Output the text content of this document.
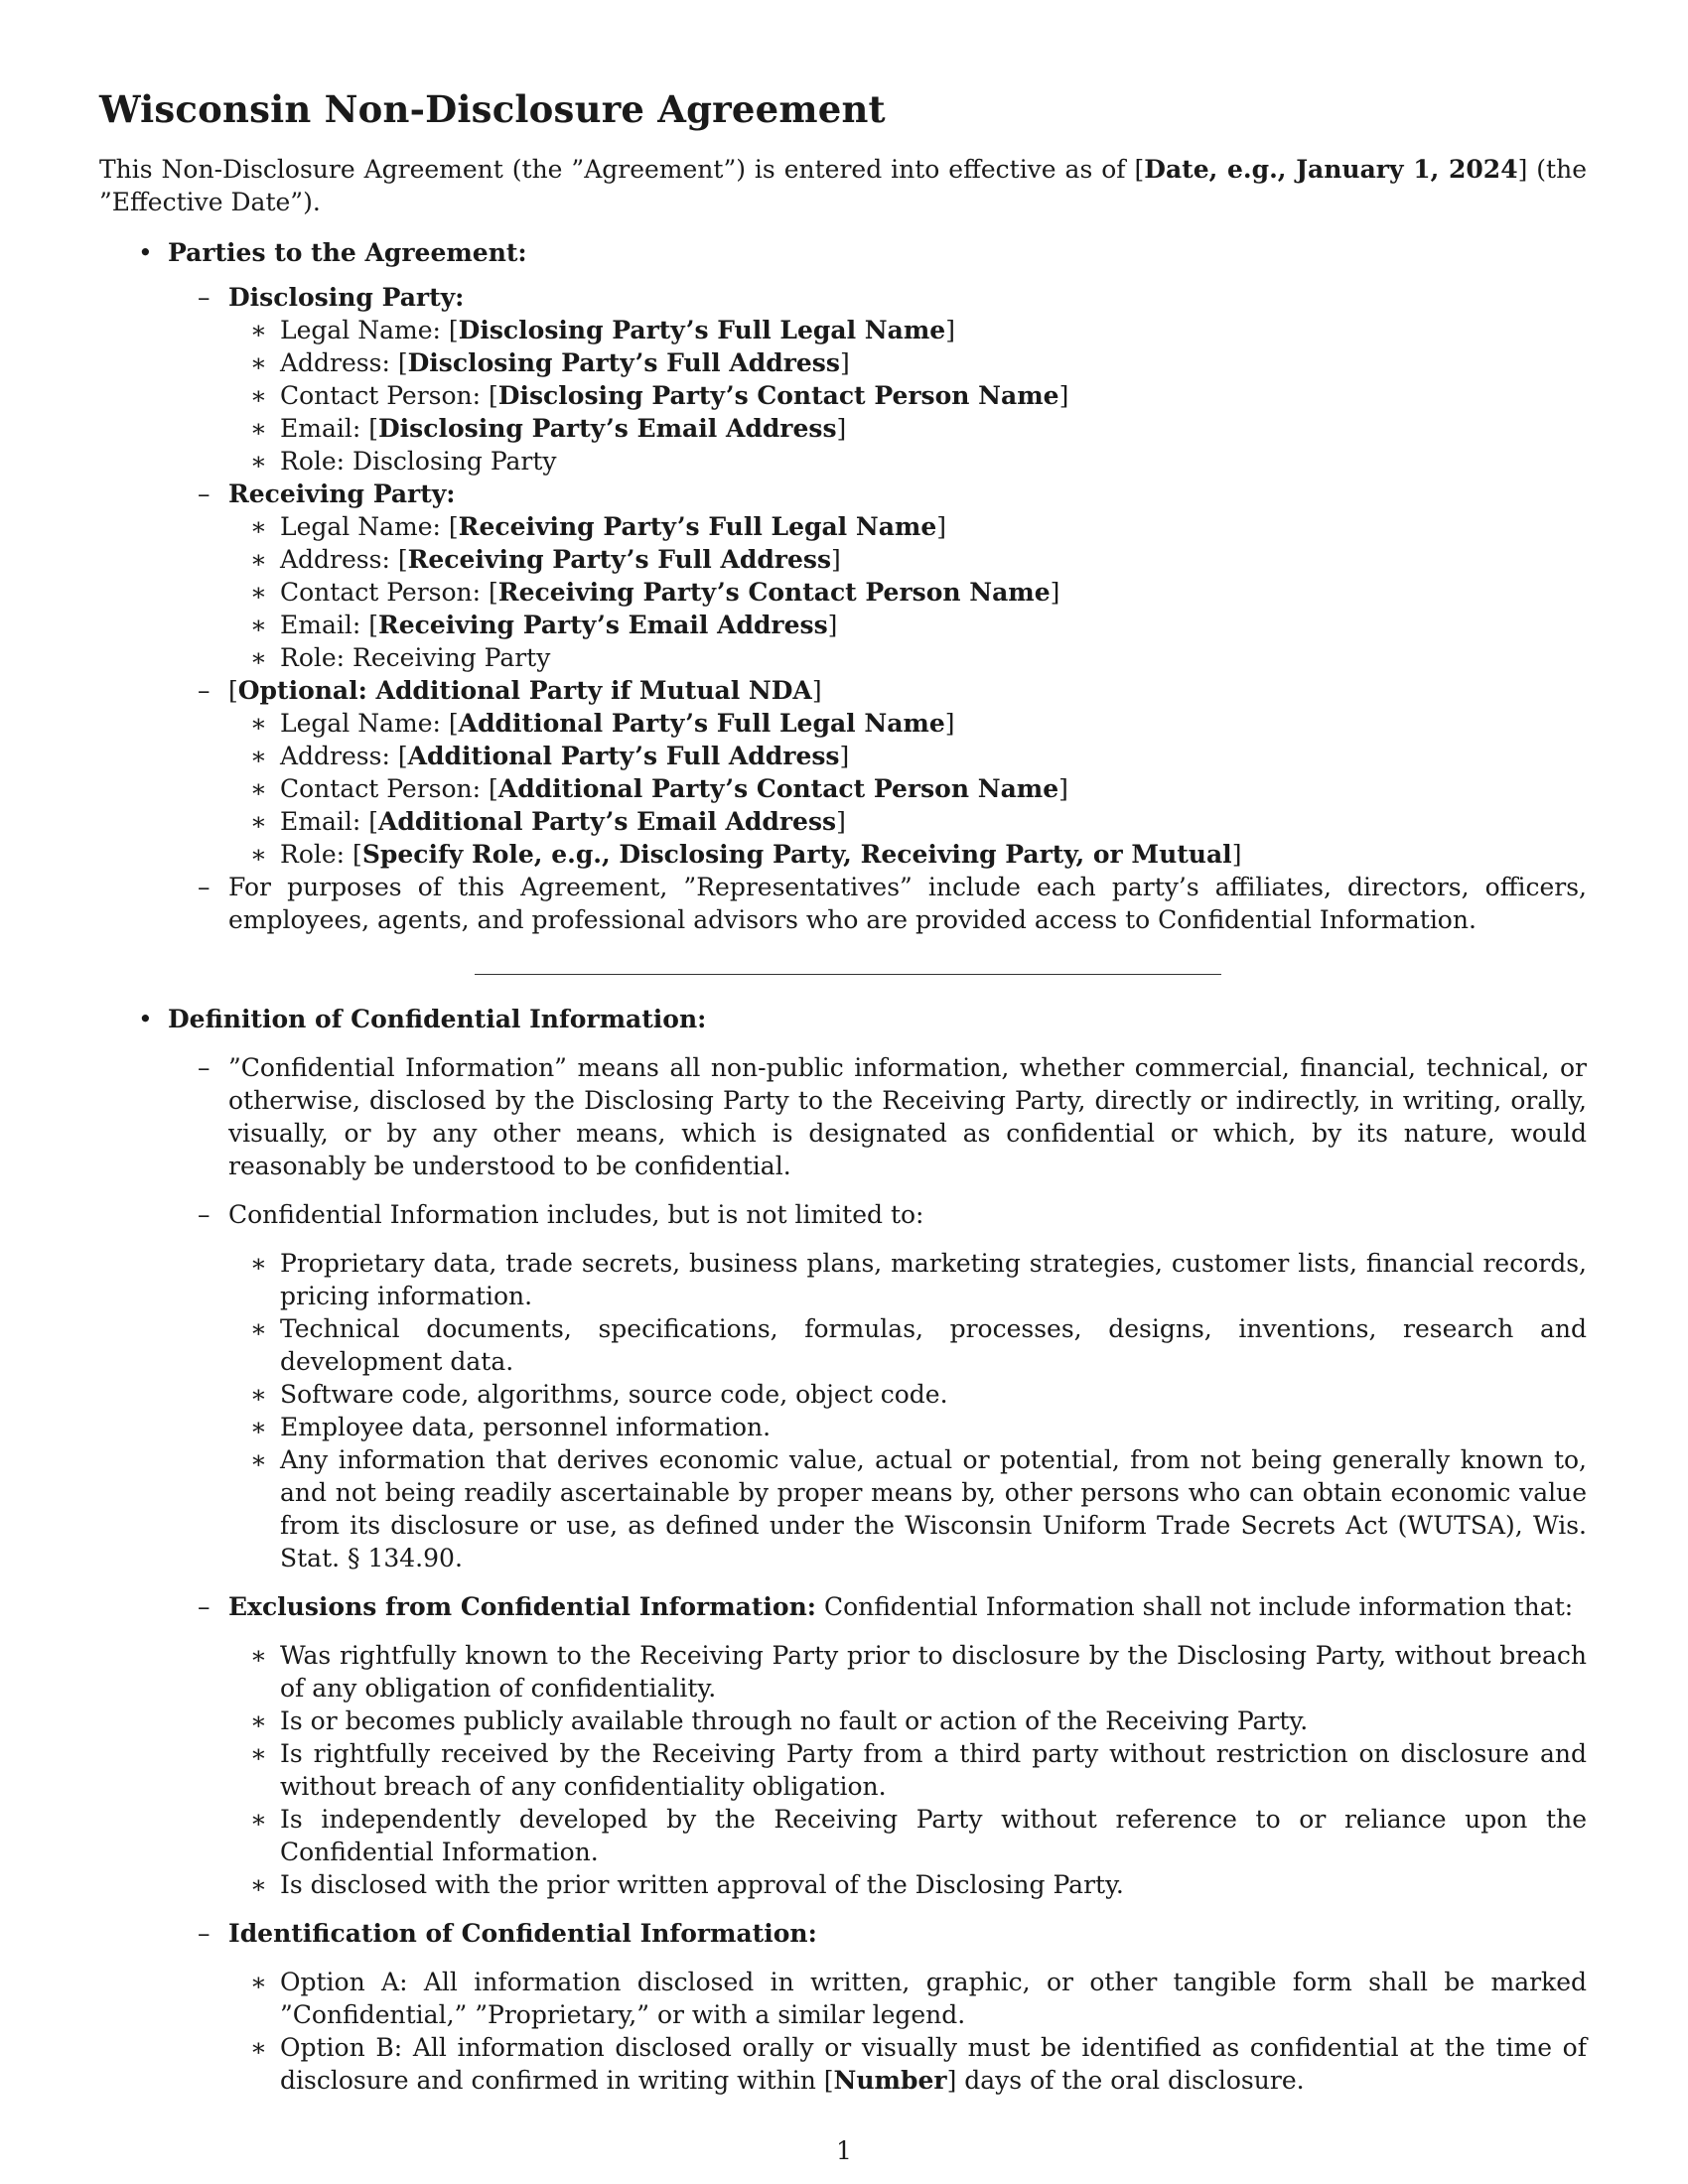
Wisconsin Non-Disclosure Agreement

This Non-Disclosure Agreement (the ”Agreement”) is entered into effective as of [Date, e.g., January 1, 2024] (the ”Effective Date”).

• Parties to the Agreement:
– Disclosing Party:
∗ Legal Name: [Disclosing Party’s Full Legal Name]
∗ Address: [Disclosing Party’s Full Address]
∗ Contact Person: [Disclosing Party’s Contact Person Name]
∗ Email: [Disclosing Party’s Email Address]
∗ Role: Disclosing Party
– Receiving Party:
∗ Legal Name: [Receiving Party’s Full Legal Name]
∗ Address: [Receiving Party’s Full Address]
∗ Contact Person: [Receiving Party’s Contact Person Name]
∗ Email: [Receiving Party’s Email Address]
∗ Role: Receiving Party
– [Optional: Additional Party if Mutual NDA]
∗ Legal Name: [Additional Party’s Full Legal Name]
∗ Address: [Additional Party’s Full Address]
∗ Contact Person: [Additional Party’s Contact Person Name]
∗ Email: [Additional Party’s Email Address]
∗ Role: [Specify Role, e.g., Disclosing Party, Receiving Party, or Mutual]
– For purposes of this Agreement, ”Representatives” include each party’s affiliates, directors, officers, employees, agents, and professional advisors who are provided access to Confidential Information.
• Definition of Confidential Information:
– ”Confidential Information” means all non-public information, whether commercial, financial, technical, or otherwise, disclosed by the Disclosing Party to the Receiving Party, directly or indirectly, in writing, orally, visually, or by any other means, which is designated as confidential or which, by its nature, would reasonably be understood to be confidential.
– Confidential Information includes, but is not limited to:
∗ Proprietary data, trade secrets, business plans, marketing strategies, customer lists, financial records, pricing information.
∗ Technical documents, specifications, formulas, processes, designs, inventions, research and development data.
∗ Software code, algorithms, source code, object code.
∗ Employee data, personnel information.
∗ Any information that derives economic value, actual or potential, from not being generally known to, and not being readily ascertainable by proper means by, other persons who can obtain economic value from its disclosure or use, as defined under the Wisconsin Uniform Trade Secrets Act (WUTSA), Wis. Stat. § 134.90.
– Exclusions from Confidential Information: Confidential Information shall not include information that:
∗ Was rightfully known to the Receiving Party prior to disclosure by the Disclosing Party, without breach of any obligation of confidentiality.
∗ Is or becomes publicly available through no fault or action of the Receiving Party.
∗ Is rightfully received by the Receiving Party from a third party without restriction on disclosure and without breach of any confidentiality obligation.
∗ Is independently developed by the Receiving Party without reference to or reliance upon the Confidential Information.
∗ Is disclosed with the prior written approval of the Disclosing Party.
– Identification of Confidential Information:
∗ Option A: All information disclosed in written, graphic, or other tangible form shall be marked ”Confidential,” ”Proprietary,” or with a similar legend.
∗ Option B: All information disclosed orally or visually must be identified as confidential at the time of disclosure and confirmed in writing within [Number] days of the oral disclosure.
1
